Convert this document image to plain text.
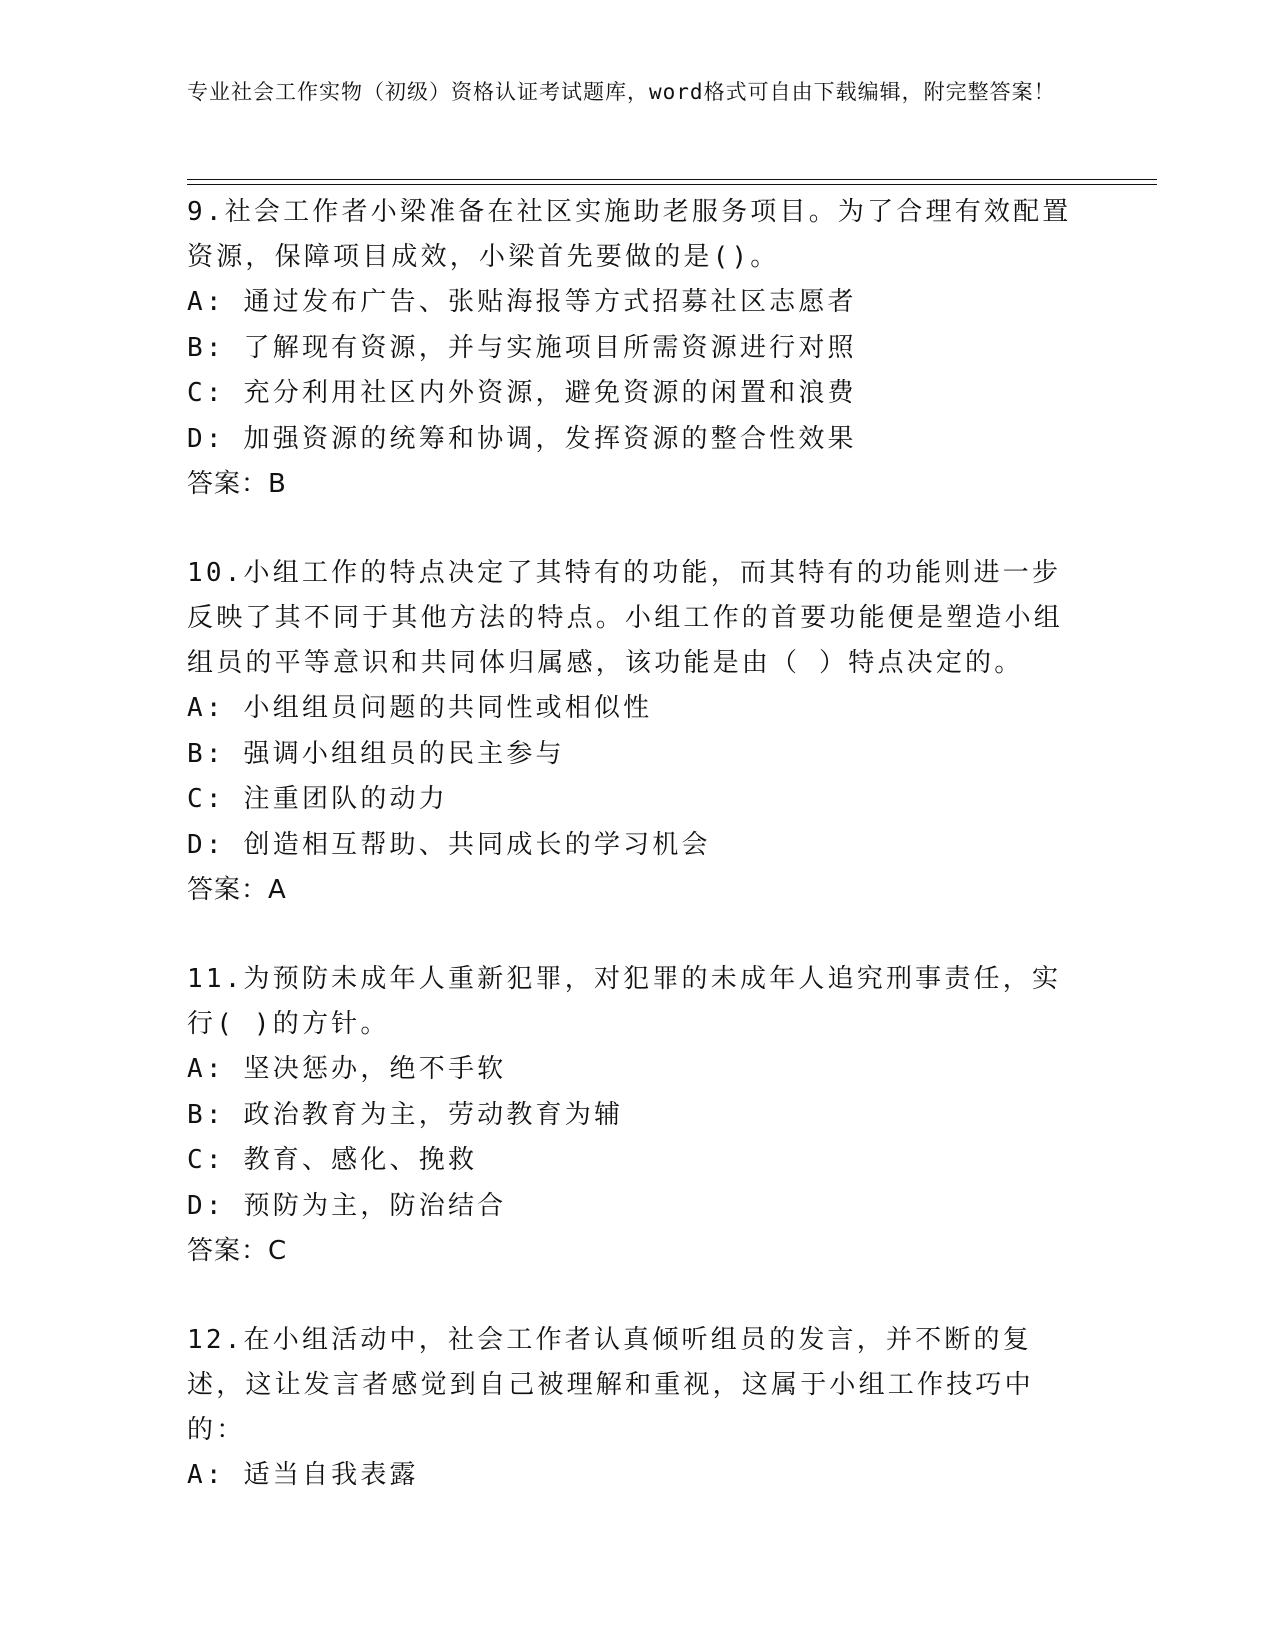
专业社会工作实物（初级）资格认证考试题库，word格式可自由下载编辑，附完整答案！

9.社会工作者小梁准备在社区实施助老服务项目。为了合理有效配置资源，保障项目成效，小梁首先要做的是()。

A: 通过发布广告、张贴海报等方式招募社区志愿者

B: 了解现有资源，并与实施项目所需资源进行对照

C: 充分利用社区内外资源，避免资源的闲置和浪费

D: 加强资源的统筹和协调，发挥资源的整合性效果

答案：B

10.小组工作的特点决定了其特有的功能，而其特有的功能则进一步反映了其不同于其他方法的特点。小组工作的首要功能便是塑造小组组员的平等意识和共同体归属感，该功能是由（ ）特点决定的。

A: 小组组员问题的共同性或相似性

B: 强调小组组员的民主参与

C: 注重团队的动力

D: 创造相互帮助、共同成长的学习机会

答案：A

11.为预防未成年人重新犯罪，对犯罪的未成年人追究刑事责任，实行( )的方针。

A: 坚决惩办，绝不手软

B: 政治教育为主，劳动教育为辅

C: 教育、感化、挽救

D: 预防为主，防治结合

答案：C

12.在小组活动中，社会工作者认真倾听组员的发言，并不断的复述，这让发言者感觉到自己被理解和重视，这属于小组工作技巧中的：

A: 适当自我表露
